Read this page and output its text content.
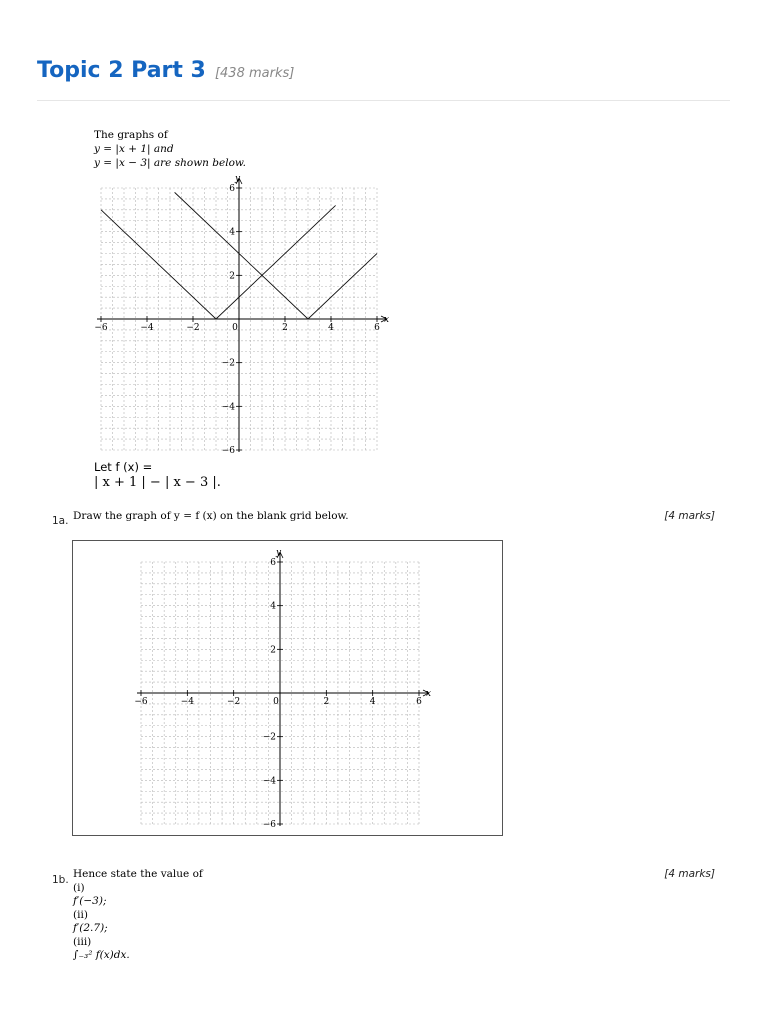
Topic 2 Part 3 [438 marks]
The graphs of
y = |x + 1| and
y = |x − 3| are shown below.
x
y
−6	−4	−2	0	2	4	6
2
4
6
−2
−4
−6
Let f (x) =
| x + 1 | − | x − 3 |.
1a. Draw the graph of y = f (x) on the blank grid below.	[4 marks]
x
y
−6	−4	−2	0	2	4	6
2
4
6
−2
−4
−6
1b. Hence state the value of
(i)
f′(−3);
(ii)
f′(2.7);
(iii)
∫₋₃² f(x)dx.
[4 marks]
